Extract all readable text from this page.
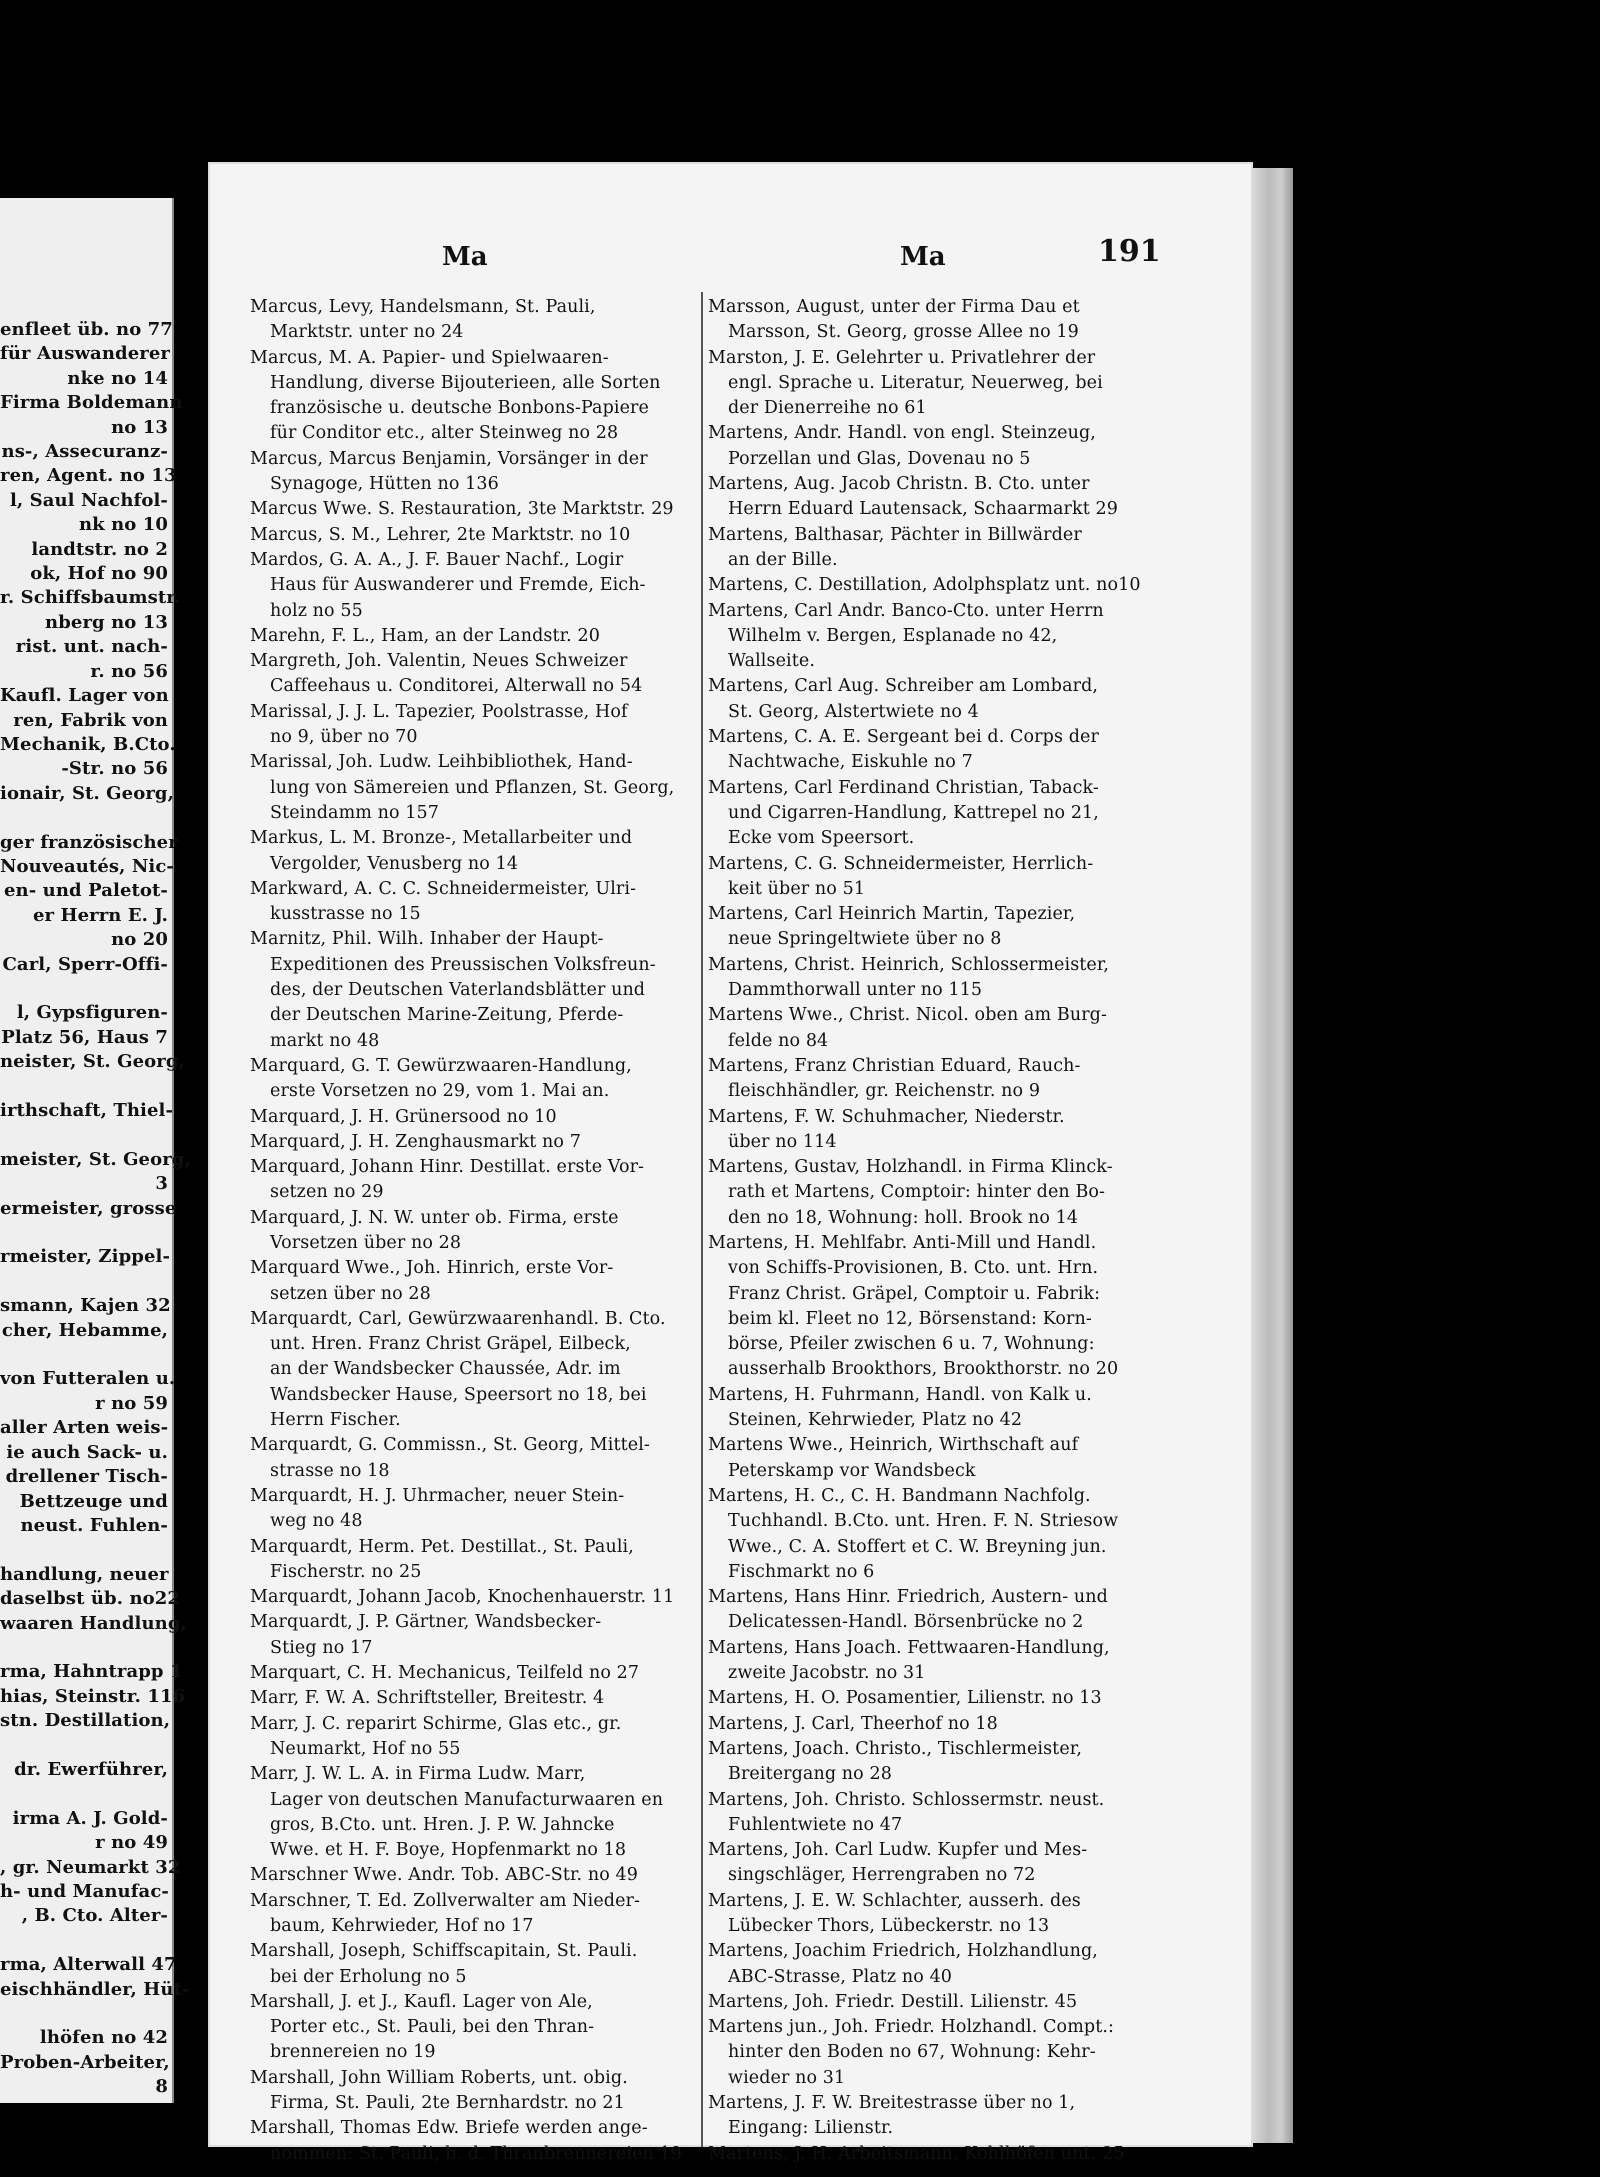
enfleet üb. no 77
für Auswanderer
nke no 14
Firma Boldemann
no 13
ns-, Assecuranz-
ren, Agent. no 13
l, Saul Nachfol-
nk no 10
landtstr. no 2
ok, Hof no 90
r. Schiffsbaumstr.
nberg no 13
rist. unt. nach-
r. no 56
Kaufl. Lager von
ren, Fabrik von
Mechanik, B.Cto.
-Str. no 56
ionair, St. Georg,

ger französischer
Nouveautés, Nic-
en- und Paletot-
er Herrn E. J.
no 20
Carl, Sperr-Offi-

l, Gypsfiguren-
Platz 56, Haus 7
neister, St. Georg,

irthschaft, Thiel-

meister, St. Georg,
3
ermeister, grosse

rmeister, Zippel-

smann, Kajen 32
cher, Hebamme,

von Futteralen u.
r no 59
aller Arten weis-
ie auch Sack- u.
drellener Tisch-
Bettzeuge und
neust. Fuhlen-

handlung, neuer
daselbst üb. no22
waaren Handlung,

rma, Hahntrapp 1
hias, Steinstr. 116
stn. Destillation,

dr. Ewerführer,

irma A. J. Gold-
r no 49
, gr. Neumarkt 32
h- und Manufac-
, B. Cto. Alter-

rma, Alterwall 47
eischhändler, Hüt-

lhöfen no 42
Proben-Arbeiter,
8
Ma	Ma	191
Marcus, Levy, Handelsmann, St. Pauli,
Marktstr. unter no 24
Marcus, M. A. Papier- und Spielwaaren-
Handlung, diverse Bijouterieen, alle Sorten
französische u. deutsche Bonbons-Papiere
für Conditor etc., alter Steinweg no 28
Marcus, Marcus Benjamin, Vorsänger in der
Synagoge, Hütten no 136
Marcus Wwe. S. Restauration, 3te Marktstr. 29
Marcus, S. M., Lehrer, 2te Marktstr. no 10
Mardos, G. A. A., J. F. Bauer Nachf., Logir
Haus für Auswanderer und Fremde, Eich-
holz no 55
Marehn, F. L., Ham, an der Landstr. 20
Margreth, Joh. Valentin, Neues Schweizer
Caffeehaus u. Conditorei, Alterwall no 54
Marissal, J. J. L. Tapezier, Poolstrasse, Hof
no 9, über no 70
Marissal, Joh. Ludw. Leihbibliothek, Hand-
lung von Sämereien und Pflanzen, St. Georg,
Steindamm no 157
Markus, L. M. Bronze-, Metallarbeiter und
Vergolder, Venusberg no 14
Markward, A. C. C. Schneidermeister, Ulri-
kusstrasse no 15
Marnitz, Phil. Wilh. Inhaber der Haupt-
Expeditionen des Preussischen Volksfreun-
des, der Deutschen Vaterlandsblätter und
der Deutschen Marine-Zeitung, Pferde-
markt no 48
Marquard, G. T. Gewürzwaaren-Handlung,
erste Vorsetzen no 29, vom 1. Mai an.
Marquard, J. H. Grünersood no 10
Marquard, J. H. Zenghausmarkt no 7
Marquard, Johann Hinr. Destillat. erste Vor-
setzen no 29
Marquard, J. N. W. unter ob. Firma, erste
Vorsetzen über no 28
Marquard Wwe., Joh. Hinrich, erste Vor-
setzen über no 28
Marquardt, Carl, Gewürzwaarenhandl. B. Cto.
unt. Hren. Franz Christ Gräpel, Eilbeck,
an der Wandsbecker Chaussée, Adr. im
Wandsbecker Hause, Speersort no 18, bei
Herrn Fischer.
Marquardt, G. Commissn., St. Georg, Mittel-
strasse no 18
Marquardt, H. J. Uhrmacher, neuer Stein-
weg no 48
Marquardt, Herm. Pet. Destillat., St. Pauli,
Fischerstr. no 25
Marquardt, Johann Jacob, Knochenhauerstr. 11
Marquardt, J. P. Gärtner, Wandsbecker-
Stieg no 17
Marquart, C. H. Mechanicus, Teilfeld no 27
Marr, F. W. A. Schriftsteller, Breitestr. 4
Marr, J. C. reparirt Schirme, Glas etc., gr.
Neumarkt, Hof no 55
Marr, J. W. L. A. in Firma Ludw. Marr,
Lager von deutschen Manufacturwaaren en
gros, B.Cto. unt. Hren. J. P. W. Jahncke
Wwe. et H. F. Boye, Hopfenmarkt no 18
Marschner Wwe. Andr. Tob. ABC-Str. no 49
Marschner, T. Ed. Zollverwalter am Nieder-
baum, Kehrwieder, Hof no 17
Marshall, Joseph, Schiffscapitain, St. Pauli.
bei der Erholung no 5
Marshall, J. et J., Kaufl. Lager von Ale,
Porter etc., St. Pauli, bei den Thran-
brennereien no 19
Marshall, John William Roberts, unt. obig.
Firma, St. Pauli, 2te Bernhardstr. no 21
Marshall, Thomas Edw. Briefe werden ange-
nommen: St. Pauli, b. d. Thranbrennereien 19
Marsson, August, unter der Firma Dau et
Marsson, St. Georg, grosse Allee no 19
Marston, J. E. Gelehrter u. Privatlehrer der
engl. Sprache u. Literatur, Neuerweg, bei
der Dienerreihe no 61
Martens, Andr. Handl. von engl. Steinzeug,
Porzellan und Glas, Dovenau no 5
Martens, Aug. Jacob Christn. B. Cto. unter
Herrn Eduard Lautensack, Schaarmarkt 29
Martens, Balthasar, Pächter in Billwärder
an der Bille.
Martens, C. Destillation, Adolphsplatz unt. no10
Martens, Carl Andr. Banco-Cto. unter Herrn
Wilhelm v. Bergen, Esplanade no 42,
Wallseite.
Martens, Carl Aug. Schreiber am Lombard,
St. Georg, Alstertwiete no 4
Martens, C. A. E. Sergeant bei d. Corps der
Nachtwache, Eiskuhle no 7
Martens, Carl Ferdinand Christian, Taback-
und Cigarren-Handlung, Kattrepel no 21,
Ecke vom Speersort.
Martens, C. G. Schneidermeister, Herrlich-
keit über no 51
Martens, Carl Heinrich Martin, Tapezier,
neue Springeltwiete über no 8
Martens, Christ. Heinrich, Schlossermeister,
Dammthorwall unter no 115
Martens Wwe., Christ. Nicol. oben am Burg-
felde no 84
Martens, Franz Christian Eduard, Rauch-
fleischhändler, gr. Reichenstr. no 9
Martens, F. W. Schuhmacher, Niederstr.
über no 114
Martens, Gustav, Holzhandl. in Firma Klinck-
rath et Martens, Comptoir: hinter den Bo-
den no 18, Wohnung: holl. Brook no 14
Martens, H. Mehlfabr. Anti-Mill und Handl.
von Schiffs-Provisionen, B. Cto. unt. Hrn.
Franz Christ. Gräpel, Comptoir u. Fabrik:
beim kl. Fleet no 12, Börsenstand: Korn-
börse, Pfeiler zwischen 6 u. 7, Wohnung:
ausserhalb Brookthors, Brookthorstr. no 20
Martens, H. Fuhrmann, Handl. von Kalk u.
Steinen, Kehrwieder, Platz no 42
Martens Wwe., Heinrich, Wirthschaft auf
Peterskamp vor Wandsbeck
Martens, H. C., C. H. Bandmann Nachfolg.
Tuchhandl. B.Cto. unt. Hren. F. N. Striesow
Wwe., C. A. Stoffert et C. W. Breyning jun.
Fischmarkt no 6
Martens, Hans Hinr. Friedrich, Austern- und
Delicatessen-Handl. Börsenbrücke no 2
Martens, Hans Joach. Fettwaaren-Handlung,
zweite Jacobstr. no 31
Martens, H. O. Posamentier, Lilienstr. no 13
Martens, J. Carl, Theerhof no 18
Martens, Joach. Christo., Tischlermeister,
Breitergang no 28
Martens, Joh. Christo. Schlossermstr. neust.
Fuhlentwiete no 47
Martens, Joh. Carl Ludw. Kupfer und Mes-
singschläger, Herrengraben no 72
Martens, J. E. W. Schlachter, ausserh. des
Lübecker Thors, Lübeckerstr. no 13
Martens, Joachim Friedrich, Holzhandlung,
ABC-Strasse, Platz no 40
Martens, Joh. Friedr. Destill. Lilienstr. 45
Martens jun., Joh. Friedr. Holzhandl. Compt.:
hinter den Boden no 67, Wohnung: Kehr-
wieder no 31
Martens, J. F. W. Breitestrasse über no 1,
Eingang: Lilienstr.
Martens, J. H. Arbeitsmann, Kohlhöfen unt. 25
